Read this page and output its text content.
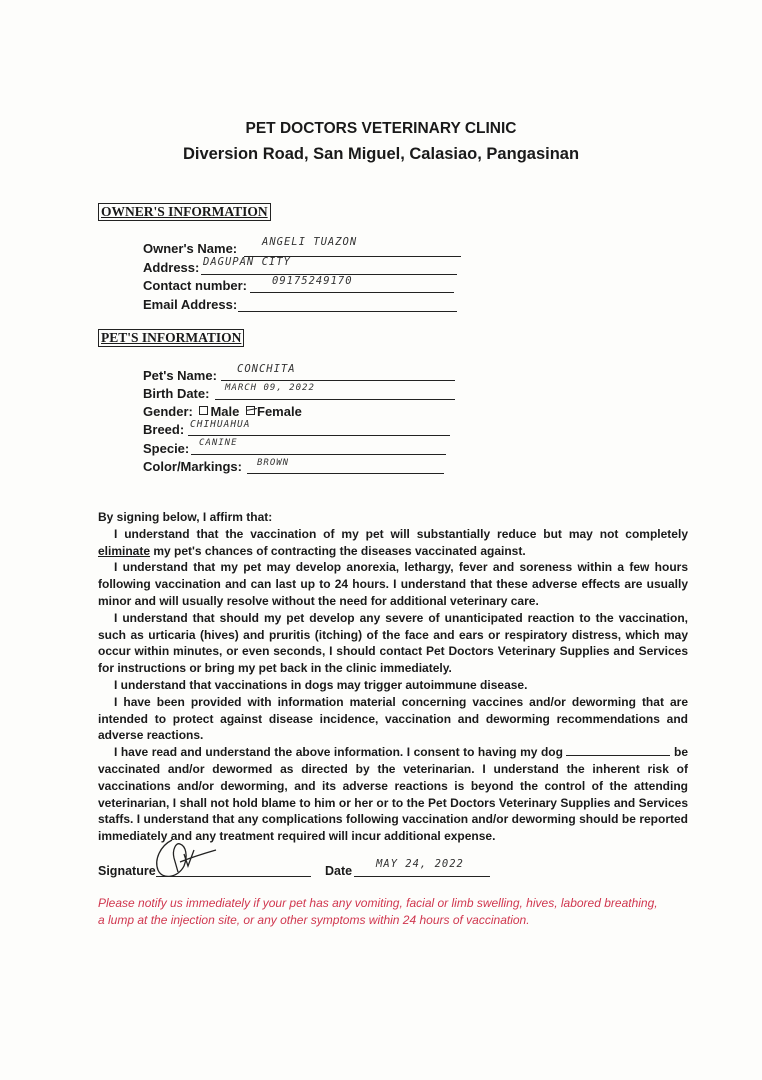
PET DOCTORS VETERINARY CLINIC
Diversion Road, San Miguel, Calasiao, Pangasinan
OWNER'S INFORMATION
Owner's Name: ANGELI TUAZON
Address: DAGUPAN CITY
Contact number: 09175249170
Email Address:
PET'S INFORMATION
Pet's Name: CONCHITA
Birth Date: MARCH 09, 2022
Gender: Male Female
Breed: CHIHUAHUA
Specie: CANINE
Color/Markings: BROWN
By signing below, I affirm that:

I understand that the vaccination of my pet will substantially reduce but may not completely eliminate my pet's chances of contracting the diseases vaccinated against.

I understand that my pet may develop anorexia, lethargy, fever and soreness within a few hours following vaccination and can last up to 24 hours. I understand that these adverse effects are usually minor and will usually resolve without the need for additional veterinary care.

I understand that should my pet develop any severe of unanticipated reaction to the vaccination, such as urticaria (hives) and pruritis (itching) of the face and ears or respiratory distress, which may occur within minutes, or even seconds, I should contact Pet Doctors Veterinary Supplies and Services for instructions or bring my pet back in the clinic immediately.

I understand that vaccinations in dogs may trigger autoimmune disease.

I have been provided with information material concerning vaccines and/or deworming that are intended to protect against disease incidence, vaccination and deworming recommendations and adverse reactions.

I have read and understand the above information. I consent to having my dog	be vaccinated and/or dewormed as directed by the veterinarian. I understand the inherent risk of vaccinations and/or deworming, and its adverse reactions is beyond the control of the attending veterinarian, I shall not hold blame to him or her or to the Pet Doctors Veterinary Supplies and Services staffs. I understand that any complications following vaccination and/or deworming should be reported immediately and any treatment required will incur additional expense.

Signature	Date MAY 24, 2022
Please notify us immediately if your pet has any vomiting, facial or limb swelling, hives, labored breathing, a lump at the injection site, or any other symptoms within 24 hours of vaccination.
